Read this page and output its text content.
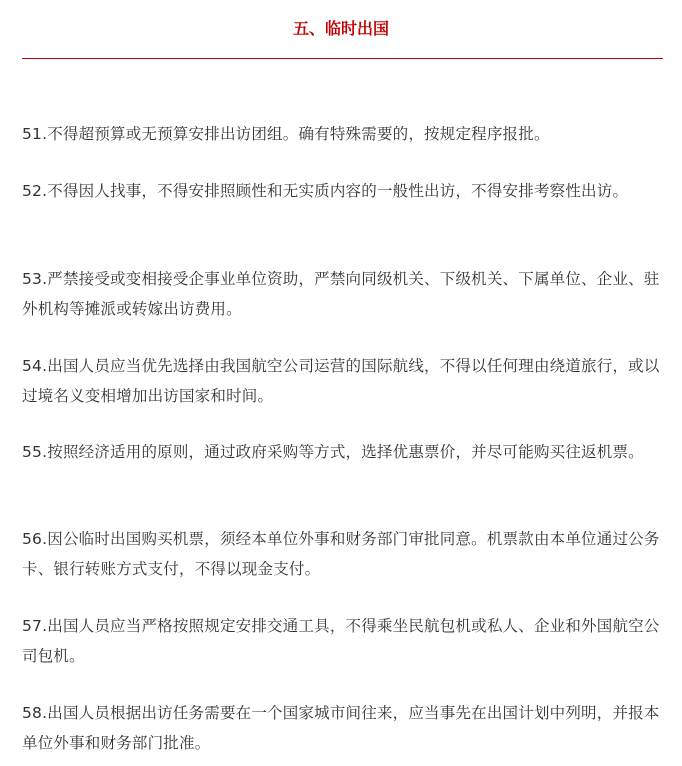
五、临时出国
51.不得超预算或无预算安排出访团组。确有特殊需要的，按规定程序报批。
52.不得因人找事，不得安排照顾性和无实质内容的一般性出访，不得安排考察性出访。
53.严禁接受或变相接受企事业单位资助，严禁向同级机关、下级机关、下属单位、企业、驻外机构等摊派或转嫁出访费用。
54.出国人员应当优先选择由我国航空公司运营的国际航线，不得以任何理由绕道旅行，或以过境名义变相增加出访国家和时间。
55.按照经济适用的原则，通过政府采购等方式，选择优惠票价，并尽可能购买往返机票。
56.因公临时出国购买机票，须经本单位外事和财务部门审批同意。机票款由本单位通过公务卡、银行转账方式支付，不得以现金支付。
57.出国人员应当严格按照规定安排交通工具，不得乘坐民航包机或私人、企业和外国航空公司包机。
58.出国人员根据出访任务需要在一个国家城市间往来，应当事先在出国计划中列明，并报本单位外事和财务部门批准。
